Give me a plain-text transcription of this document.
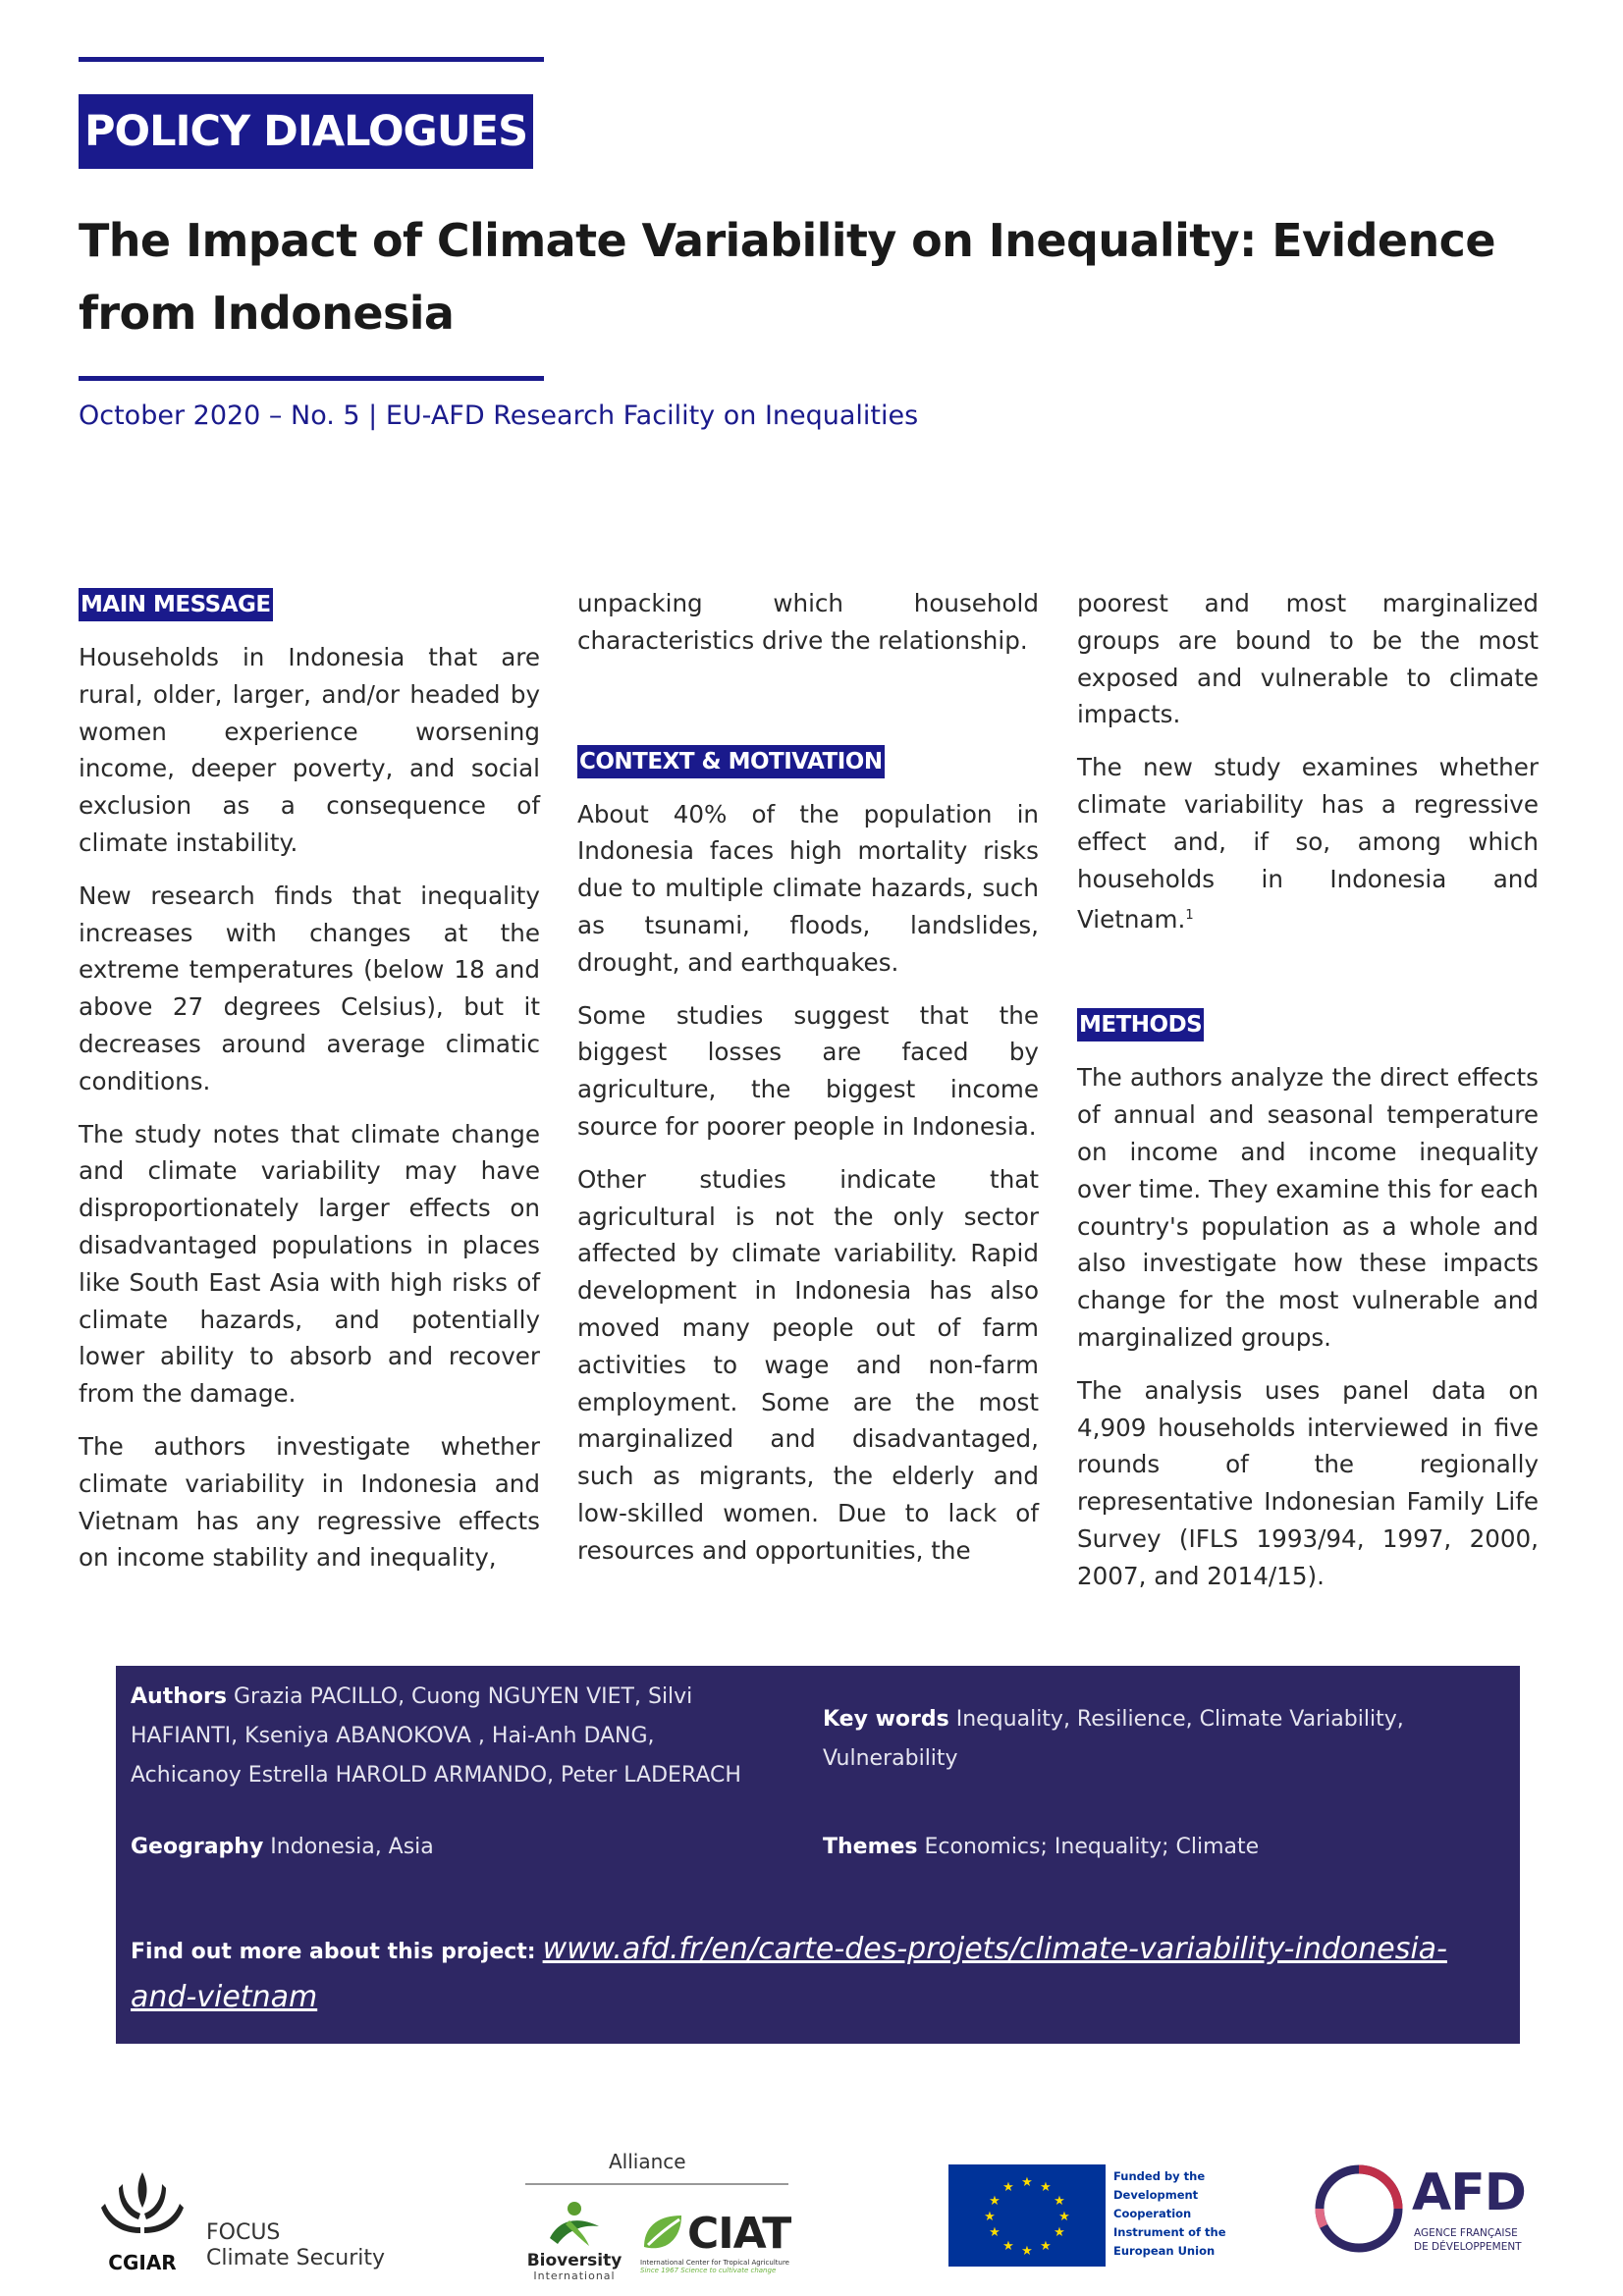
POLICY DIALOGUES
The Impact of Climate Variability on Inequality: Evidence from Indonesia
October 2020 – No. 5 | EU-AFD Research Facility on Inequalities
MAIN MESSAGE

Households in Indonesia that are rural, older, larger, and/or headed by women experience worsening income, deeper poverty, and social exclusion as a consequence of climate instability.

New research finds that inequality increases with changes at the extreme temperatures (below 18 and above 27 degrees Celsius), but it decreases around average climatic conditions.

The study notes that climate change and climate variability may have disproportionately larger effects on disadvantaged populations in places like South East Asia with high risks of climate hazards, and potentially lower ability to absorb and recover from the damage.

The authors investigate whether climate variability in Indonesia and Vietnam has any regressive effects on income stability and inequality,

unpacking which household characteristics drive the relationship.

CONTEXT & MOTIVATION

About 40% of the population in Indonesia faces high mortality risks due to multiple climate hazards, such as tsunami, floods, landslides, drought, and earthquakes.

Some studies suggest that the biggest losses are faced by agriculture, the biggest income source for poorer people in Indonesia.

Other studies indicate that agricultural is not the only sector affected by climate variability. Rapid development in Indonesia has also moved many people out of farm activities to wage and non-farm employment. Some are the most marginalized and disadvantaged, such as migrants, the elderly and low-skilled women. Due to lack of resources and opportunities, the

poorest and most marginalized groups are bound to be the most exposed and vulnerable to climate impacts.

The new study examines whether climate variability has a regressive effect and, if so, among which households in Indonesia and Vietnam.$^1$

METHODS

The authors analyze the direct effects of annual and seasonal temperature on income and income inequality over time. They examine this for each country's population as a whole and also investigate how these impacts change for the most vulnerable and marginalized groups.

The analysis uses panel data on 4,909 households interviewed in five rounds of the regionally representative Indonesian Family Life Survey (IFLS 1993/94, 1997, 2000, 2007, and 2014/15).

Authors Grazia PACILLO, Cuong NGUYEN VIET, Silvi HAFIANTI, Kseniya ABANOKOVA , Hai-Anh DANG, Achicanoy Estrella HAROLD ARMANDO, Peter LADERACH
Key words Inequality, Resilience, Climate Variability, Vulnerability
Geography Indonesia, Asia	Themes Economics; Inequality; Climate
Find out more about this project: www.afd.fr/en/carte-des-projets/climate-variability-indonesia-and-vietnam
CGIAR
FOCUS
Climate Security
Alliance
Bioversity
International
CIAT
International Center for Tropical Agriculture
Since 1967 Science to cultivate change
★ ★
★
★
★
★
★
★
★
★
★
★
Funded by the Development Cooperation Instrument of the European Union
AFD
AGENCE FRANÇAISE
DE DÉVELOPPEMENT
